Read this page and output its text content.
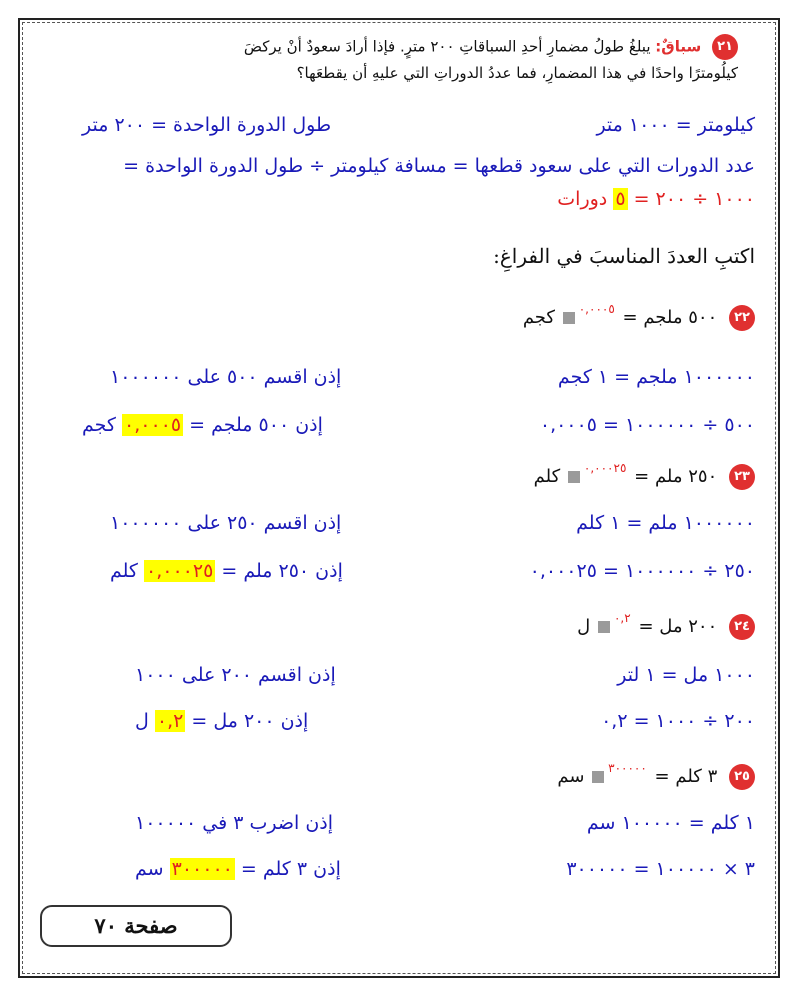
٢١ سباقٌ: يبلغُ طولُ مضمارِ أحدِ السباقاتِ ٢٠٠ مترٍ. فإذا أرادَ سعودٌ أنْ يركضَ
كيلُومترًا واحدًا في هذا المضمارِ، فما عددُ الدوراتِ التي عليهِ أن يقطعَها؟
كيلومتر = ١٠٠٠ متر
طول الدورة الواحدة = ٢٠٠ متر
عدد الدورات التي على سعود قطعها = مسافة كيلومتر ÷ طول الدورة الواحدة =
١٠٠٠ ÷ ٢٠٠ = ٥ دورات
اكتبِ العددَ المناسبَ في الفراغِ:
٢٢ ٥٠٠ ملجم = $^{٠,٠٠٠٥}$ كجم
١٠٠٠٠٠٠ ملجم = ١ كجم
إذن اقسم ٥٠٠ على ١٠٠٠٠٠٠
٥٠٠ ÷ ١٠٠٠٠٠٠ = ٠,٠٠٠٥
إذن ٥٠٠ ملجم = ٠,٠٠٠٥ كجم
٢٣ ٢٥٠ ملم = $^{٠,٠٠٠٢٥}$ كلم
١٠٠٠٠٠٠ ملم = ١ كلم
إذن اقسم ٢٥٠ على ١٠٠٠٠٠٠
٢٥٠ ÷ ١٠٠٠٠٠٠ = ٠,٠٠٠٢٥
إذن ٢٥٠ ملم = ٠,٠٠٠٢٥ كلم
٢٤ ٢٠٠ مل = $^{٠,٢}$ ل
١٠٠٠ مل = ١ لتر
إذن اقسم ٢٠٠ على ١٠٠٠
٢٠٠ ÷ ١٠٠٠ = ٠,٢
إذن ٢٠٠ مل = ٠,٢ ل
٢٥ ٣ كلم = $^{٣٠٠٠٠٠}$ سم
١ كلم = ١٠٠٠٠٠ سم
إذن اضرب ٣ في ١٠٠٠٠٠
٣ × ١٠٠٠٠٠ = ٣٠٠٠٠٠
إذن ٣ كلم = ٣٠٠٠٠٠ سم
صفحة ٧٠
